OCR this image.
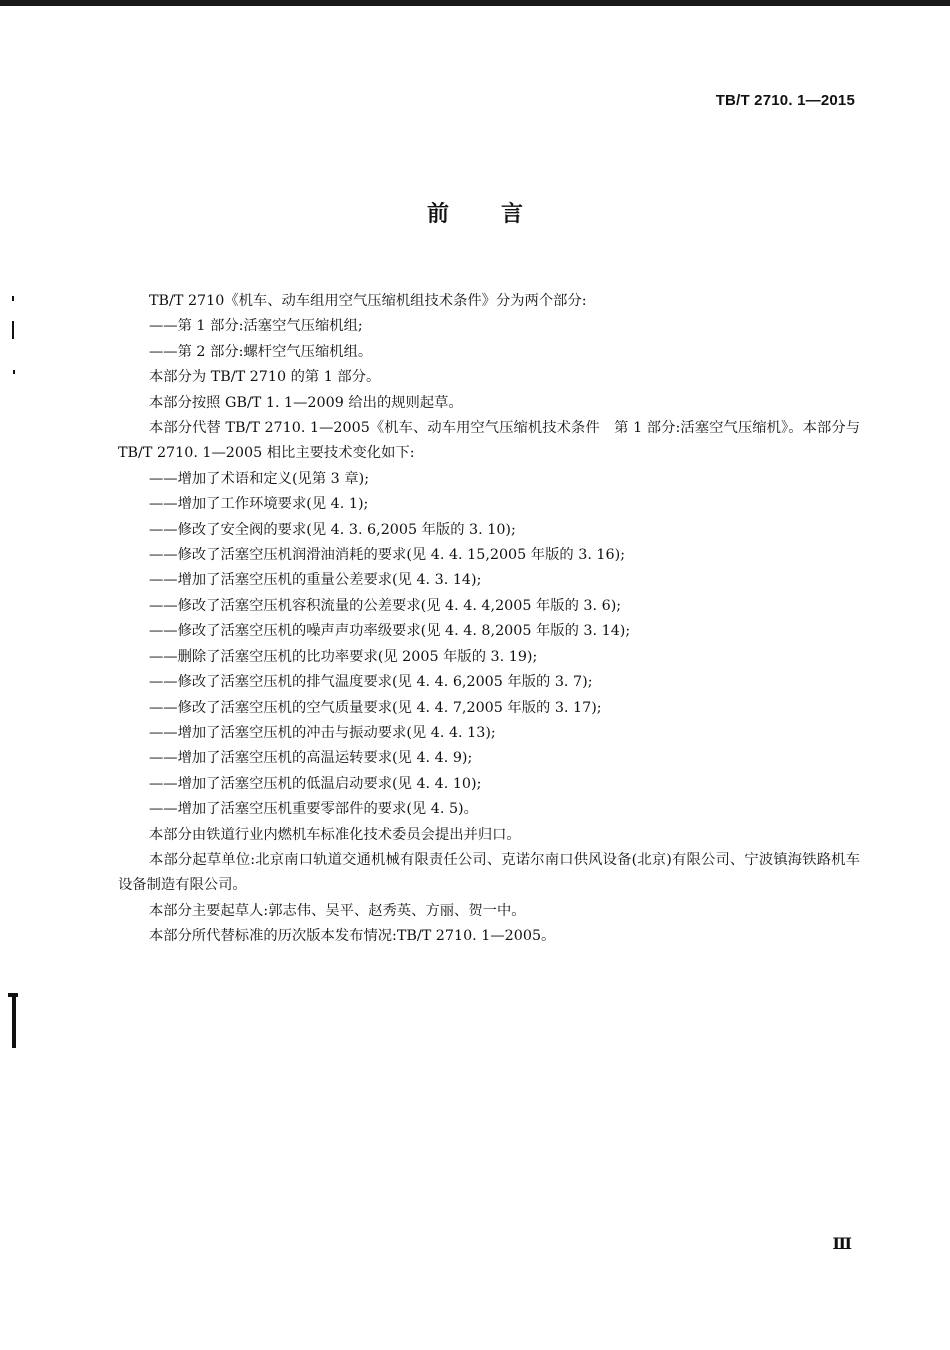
TB/T 2710. 1—2015
前言

TB/T 2710《机车、动车组用空气压缩机组技术条件》分为两个部分:

——第 1 部分:活塞空气压缩机组;

——第 2 部分:螺杆空气压缩机组。

本部分为 TB/T 2710 的第 1 部分。

本部分按照 GB/T 1. 1—2009 给出的规则起草。

本部分代替 TB/T 2710. 1—2005《机车、动车用空气压缩机技术条件　第 1 部分:活塞空气压缩机》。本部分与 TB/T 2710. 1—2005 相比主要技术变化如下:

——增加了术语和定义(见第 3 章);

——增加了工作环境要求(见 4. 1);

——修改了安全阀的要求(见 4. 3. 6,2005 年版的 3. 10);

——修改了活塞空压机润滑油消耗的要求(见 4. 4. 15,2005 年版的 3. 16);

——增加了活塞空压机的重量公差要求(见 4. 3. 14);

——修改了活塞空压机容积流量的公差要求(见 4. 4. 4,2005 年版的 3. 6);

——修改了活塞空压机的噪声声功率级要求(见 4. 4. 8,2005 年版的 3. 14);

——删除了活塞空压机的比功率要求(见 2005 年版的 3. 19);

——修改了活塞空压机的排气温度要求(见 4. 4. 6,2005 年版的 3. 7);

——修改了活塞空压机的空气质量要求(见 4. 4. 7,2005 年版的 3. 17);

——增加了活塞空压机的冲击与振动要求(见 4. 4. 13);

——增加了活塞空压机的高温运转要求(见 4. 4. 9);

——增加了活塞空压机的低温启动要求(见 4. 4. 10);

——增加了活塞空压机重要零部件的要求(见 4. 5)。

本部分由铁道行业内燃机车标准化技术委员会提出并归口。

本部分起草单位:北京南口轨道交通机械有限责任公司、克诺尔南口供风设备(北京)有限公司、宁波镇海铁路机车设备制造有限公司。

本部分主要起草人:郭志伟、吴平、赵秀英、方丽、贺一中。

本部分所代替标准的历次版本发布情况:TB/T 2710. 1—2005。

Ⅲ
